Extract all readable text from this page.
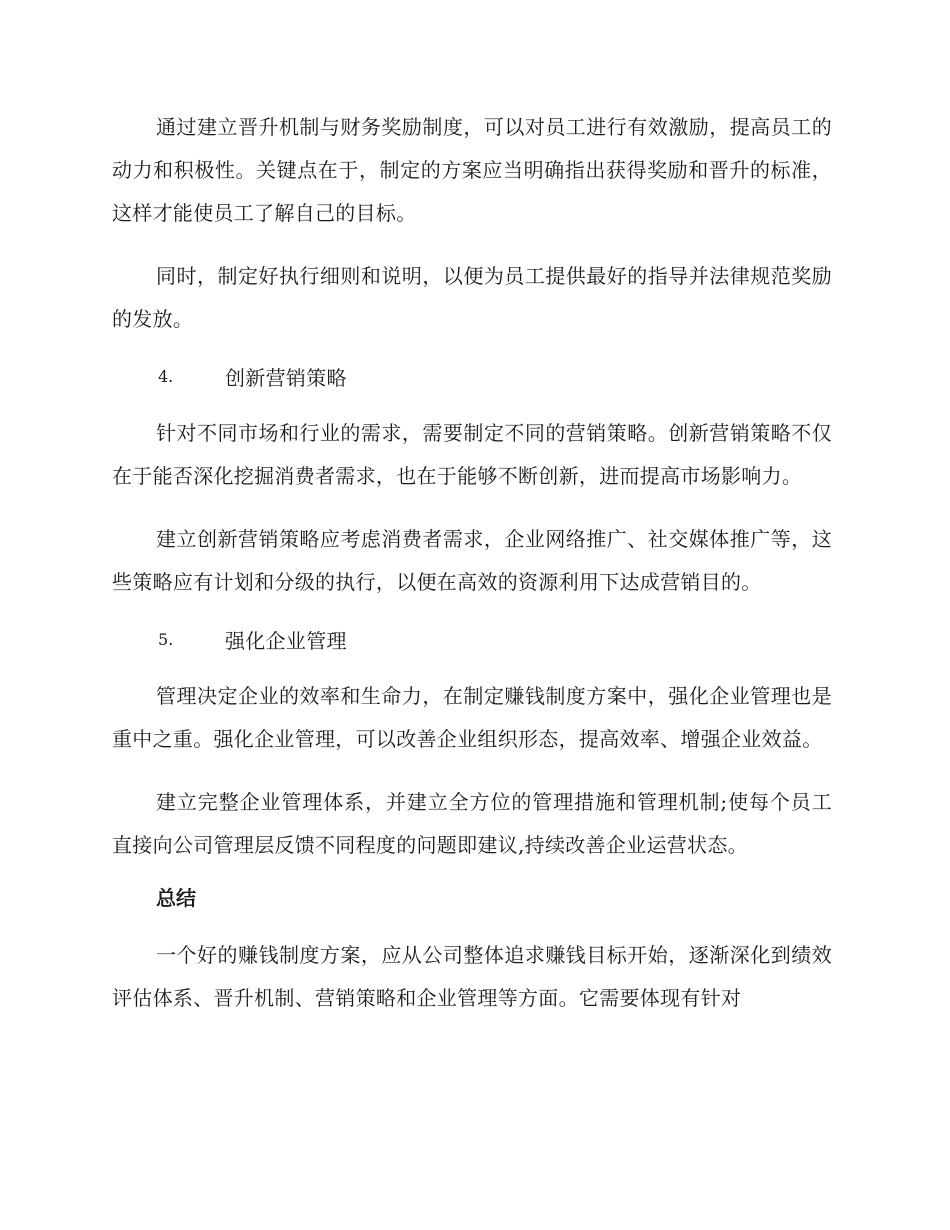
通过建立晋升机制与财务奖励制度，可以对员工进行有效激励，提高员工的动力和积极性。关键点在于，制定的方案应当明确指出获得奖励和晋升的标准，这样才能使员工了解自己的目标。

同时，制定好执行细则和说明，以便为员工提供最好的指导并法律规范奖励的发放。

4.	创新营销策略

针对不同市场和行业的需求，需要制定不同的营销策略。创新营销策略不仅在于能否深化挖掘消费者需求，也在于能够不断创新，进而提高市场影响力。

建立创新营销策略应考虑消费者需求，企业网络推广、社交媒体推广等，这些策略应有计划和分级的执行，以便在高效的资源利用下达成营销目的。

5.	强化企业管理

管理决定企业的效率和生命力，在制定赚钱制度方案中，强化企业管理也是重中之重。强化企业管理，可以改善企业组织形态，提高效率、增强企业效益。

建立完整企业管理体系，并建立全方位的管理措施和管理机制;使每个员工直接向公司管理层反馈不同程度的问题即建议,持续改善企业运营状态。

总结

一个好的赚钱制度方案，应从公司整体追求赚钱目标开始，逐渐深化到绩效评估体系、晋升机制、营销策略和企业管理等方面。它需要体现有针对
